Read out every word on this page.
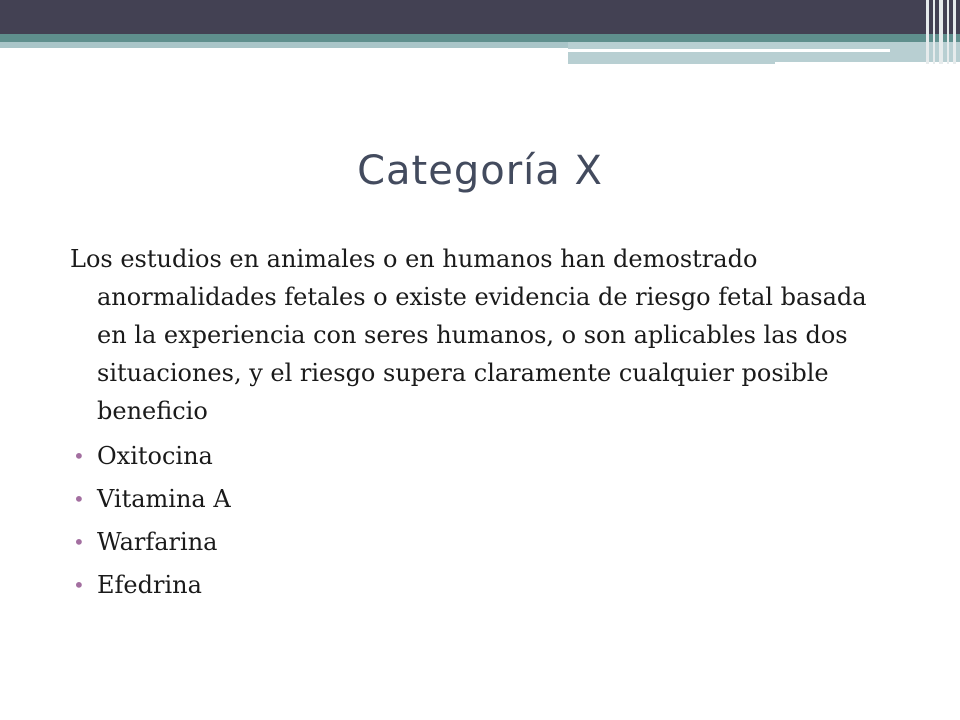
Categoría X

Los estudios en animales o en humanos han demostrado anormalidades fetales o existe evidencia de riesgo fetal basada en la experiencia con seres humanos, o son aplicables las dos situaciones, y el riesgo supera claramente cualquier posible beneficio

• Oxitocina
• Vitamina A
• Warfarina
• Efedrina
